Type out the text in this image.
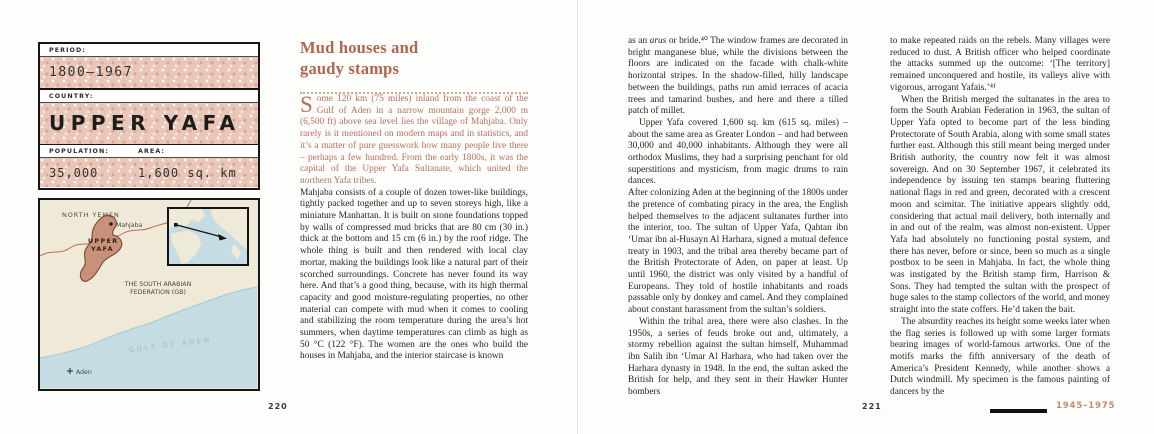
PERIOD:
1800–1967
COUNTRY:
UPPER YAFA
POPULATION:	AREA:
35,000	1,600 sq. km
NORTH YEMEN
Mahjaba
UPPER
YAFA
THE SOUTH ARABIAN
FEDERATION (GB)
GULF OF ADEN
Aden
Mud houses and
gaudy stamps

Some 120 km (75 miles) inland from the coast of the Gulf of Aden in a narrow mountain gorge 2,000 m (6,500 ft) above sea level lies the village of Mahjaba. Only rarely is it mentioned on modern maps and in statistics, and it’s a matter of pure guesswork how many people live there – perhaps a few hundred. From the early 1800s, it was the capital of the Upper Yafa Sultanate, which united the northern Yafa tribes.

Mahjaba consists of a couple of dozen tower-like buildings, tightly packed together and up to seven storeys high, like a miniature Manhattan. It is built on stone foundations topped by walls of compressed mud bricks that are 80 cm (30 in.) thick at the bottom and 15 cm (6 in.) by the roof ridge. The whole thing is built and then rendered with local clay mortar, making the buildings look like a natural part of their scorched surroundings. Concrete has never found its way here. And that’s a good thing, because, with its high thermal capacity and good moisture-regulating properties, no other material can compete with mud when it comes to cooling and stabilizing the room temperature during the area’s hot summers, when daytime temperatures can climb as high as 50 °C (122 °F). The women are the ones who build the houses in Mahjaba, and the interior staircase is known

as an arus or bride.⁴⁰ The window frames are decorated in bright manganese blue, while the divisions between the floors are indicated on the facade with chalk-white horizontal stripes. In the shadow-filled, hilly landscape between the buildings, paths run amid terraces of acacia trees and tamarind bushes, and here and there a tilled patch of millet.

Upper Yafa covered 1,600 sq. km (615 sq. miles) – about the same area as Greater London – and had between 30,000 and 40,000 inhabitants. Although they were all orthodox Muslims, they had a surprising penchant for old superstitions and mysticism, from magic drums to rain dances.

After colonizing Aden at the beginning of the 1800s under the pretence of combating piracy in the area, the English helped themselves to the adjacent sultanates further into the interior, too. The sultan of Upper Yafa, Qahtan ibn ‘Umar ibn al-Husayn Al Harhara, signed a mutual defence treaty in 1903, and the tribal area thereby became part of the British Protectorate of Aden, on paper at least. Up until 1960, the district was only visited by a handful of Europeans. They told of hostile inhabitants and roads passable only by donkey and camel. And they complained about constant harassment from the sultan’s soldiers.

Within the tribal area, there were also clashes. In the 1950s, a series of feuds broke out and, ultimately, a stormy rebellion against the sultan himself, Muhammad ibn Salih ibn ‘Umar Al Harhara, who had taken over the Harhara dynasty in 1948. In the end, the sultan asked the British for help, and they sent in their Hawker Hunter bombers

to make repeated raids on the rebels. Many villages were reduced to dust. A British officer who helped coordinate the attacks summed up the outcome: ‘[The territory] remained unconquered and hostile, its valleys alive with vigorous, arrogant Yafais.’⁴¹

When the British merged the sultanates in the area to form the South Arabian Federation in 1963, the sultan of Upper Yafa opted to become part of the less binding Protectorate of South Arabia, along with some small states further east. Although this still meant being merged under British authority, the country now felt it was almost sovereign. And on 30 September 1967, it celebrated its independence by issuing ten stamps bearing fluttering national flags in red and green, decorated with a crescent moon and scimitar. The initiative appears slightly odd, considering that actual mail delivery, both internally and in and out of the realm, was almost non-existent. Upper Yafa had absolutely no functioning postal system, and there has never, before or since, been so much as a single postbox to be seen in Mahjaba. In fact, the whole thing was instigated by the British stamp firm, Harrison & Sons. They had tempted the sultan with the prospect of huge sales to the stamp collectors of the world, and money straight into the state coffers. He’d taken the bait.

The absurdity reaches its height some weeks later when the flag series is followed up with some larger formats bearing images of world-famous artworks. One of the motifs marks the fifth anniversary of the death of America’s President Kennedy, while another shows a Dutch windmill. My specimen is the famous painting of dancers by the

220	221	1945–1975
